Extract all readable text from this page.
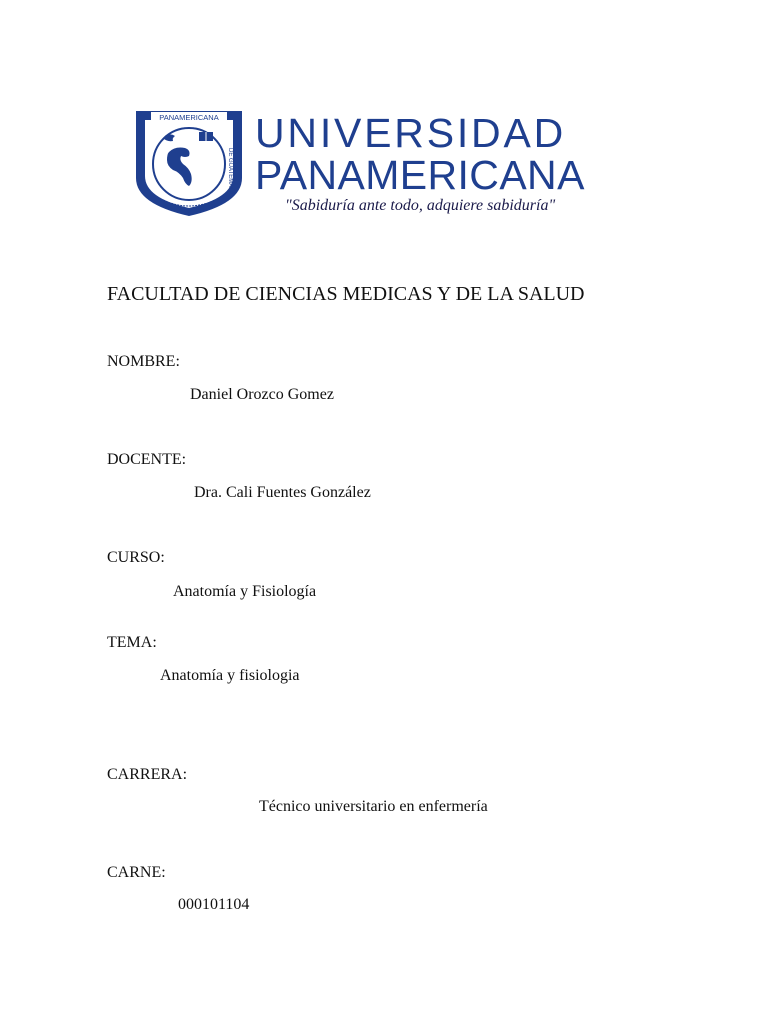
PANAMERICANA
DE GUATEMALA
UNIVERSIDAD
PANAMERICANA
"Sabiduría ante todo, adquiere sabiduría"
FACULTAD DE CIENCIAS MEDICAS Y DE LA SALUD
NOMBRE:
Daniel Orozco Gomez
DOCENTE:
Dra. Cali Fuentes González
CURSO:
Anatomía y Fisiología
TEMA:
Anatomía y fisiologia
CARRERA:
Técnico universitario en enfermería
CARNE:
000101104
